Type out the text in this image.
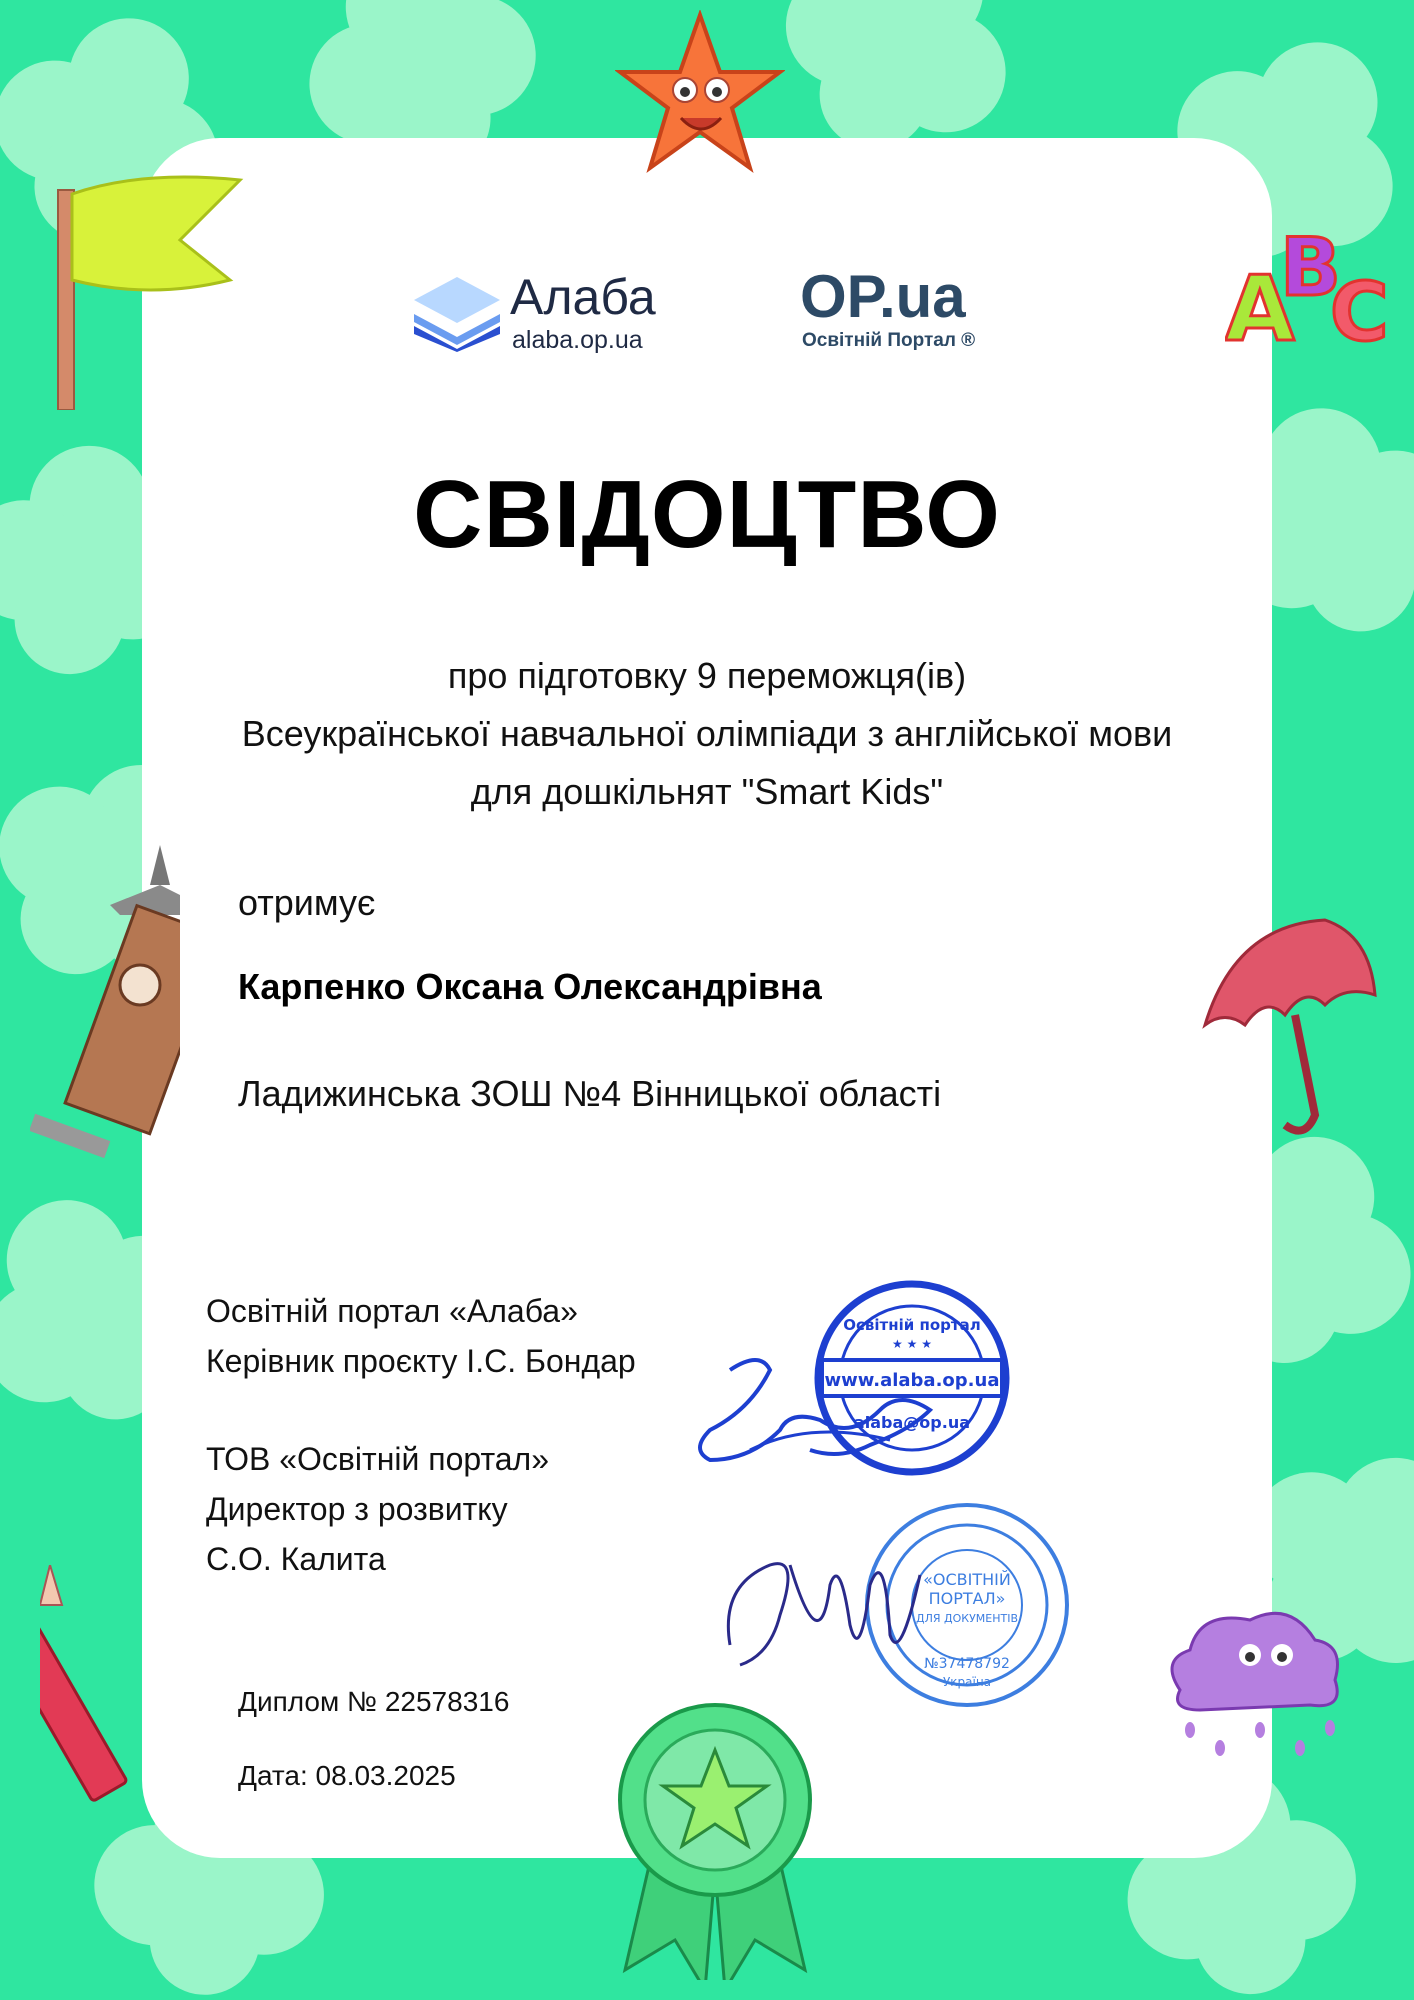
A
B
C
Алаба
alaba.op.ua
OP.ua
Освітній Портал ®
СВІДОЦТВО
про підготовку 9 переможця(ів)
Всеукраїнської навчальної олімпіади з англійської мови
для дошкільнят "Smart Kids"
отримує
Карпенко Оксана Олександрівна
Ладижинська ЗОШ №4 Вінницької області
Освітній портал «Алаба»
Керівник проєкту І.С. Бондар
ТОВ «Освітній портал»
Директор з розвитку
С.О. Калита
www.alaba.op.ua
Освітній портал
★ ★ ★
alaba@op.ua
«ОСВІТНІЙ
ПОРТАЛ»
ДЛЯ ДОКУМЕНТІВ
№37478792
Україна
Диплом № 22578316
Дата: 08.03.2025
